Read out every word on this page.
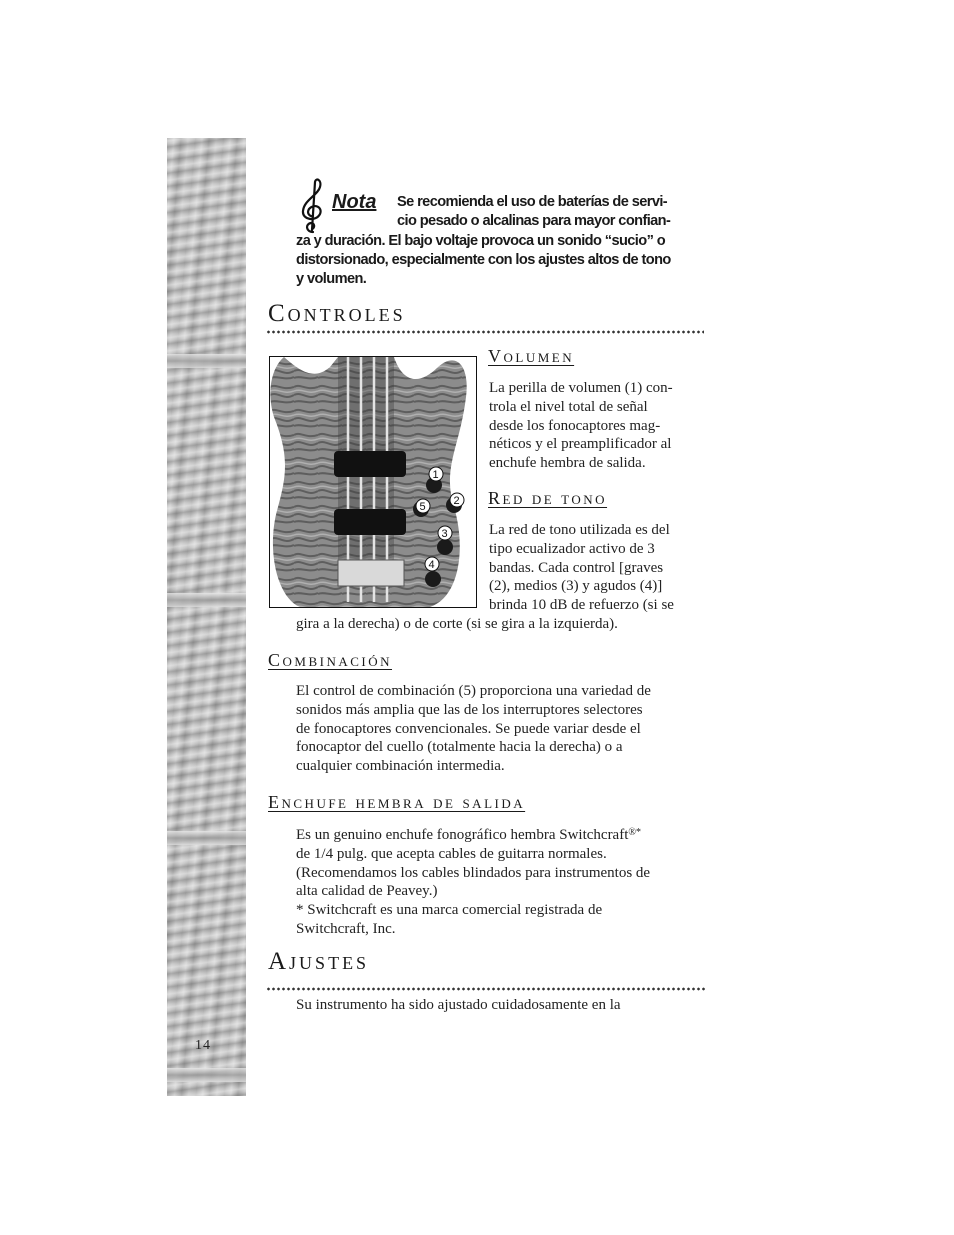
14
Nota	Se recomienda el uso de baterías de servi-
cio pesado o alcalinas para mayor confian-
za y duración. El bajo voltaje provoca un sonido “sucio” o
distorsionado, especialmente con los ajustes altos de tono
y volumen.

Controles
1
2
3
4
5
Volumen

La perilla de volumen (1) con-
trola el nivel total de señal
desde los fonocaptores mag-
néticos y el preamplificador al
enchufe hembra de salida.

Red de tono

La red de tono utilizada es del
tipo ecualizador activo de 3
bandas. Cada control [graves
(2), medios (3) y agudos (4)]
brinda 10 dB de refuerzo (si se

gira a la derecha) o de corte (si se gira a la izquierda).

Combinación

El control de combinación (5) proporciona una variedad de
sonidos más amplia que las de los interruptores selectores
de fonocaptores convencionales. Se puede variar desde el
fonocaptor del cuello (totalmente hacia la derecha) o a
cualquier combinación intermedia.

Enchufe hembra de salida

Es un genuino enchufe fonográfico hembra Switchcraft®*
de 1/4 pulg. que acepta cables de guitarra normales.
(Recomendamos los cables blindados para instrumentos de
alta calidad de Peavey.)
* Switchcraft es una marca comercial registrada de
Switchcraft, Inc.

Ajustes

Su instrumento ha sido ajustado cuidadosamente en la
